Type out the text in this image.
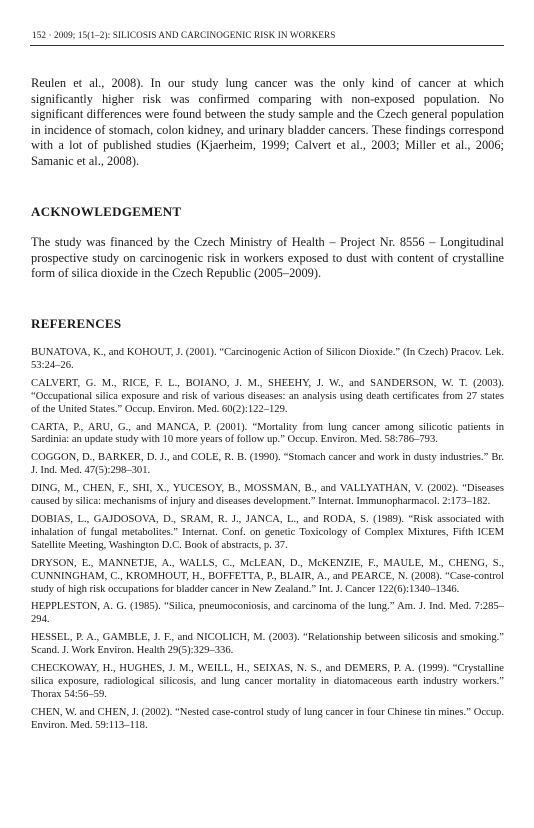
152 · 2009; 15(1–2): SILICOSIS AND CARCINOGENIC RISK IN WORKERS

Reulen et al., 2008). In our study lung cancer was the only kind of cancer at which significantly higher risk was confirmed comparing with non-exposed population. No significant differences were found between the study sample and the Czech general population in incidence of stomach, colon kidney, and urinary bladder cancers. These findings correspond with a lot of published studies (Kjaerheim, 1999; Calvert et al., 2003; Miller et al., 2006; Samanic et al., 2008).

ACKNOWLEDGEMENT

The study was financed by the Czech Ministry of Health – Project Nr. 8556 – Longitudinal prospective study on carcinogenic risk in workers exposed to dust with content of crystalline form of silica dioxide in the Czech Republic (2005–2009).

REFERENCES

BUNATOVA, K., and KOHOUT, J. (2001). “Carcinogenic Action of Silicon Dioxide.” (In Czech) Pracov. Lek. 53:24–26.

CALVERT, G. M., RICE, F. L., BOIANO, J. M., SHEEHY, J. W., and SANDERSON, W. T. (2003). “Occupational silica exposure and risk of various diseases: an analysis using death certificates from 27 states of the United States.” Occup. Environ. Med. 60(2):122–129.

CARTA, P., ARU, G., and MANCA, P. (2001). “Mortality from lung cancer among silicotic patients in Sardinia: an update study with 10 more years of follow up.” Occup. Environ. Med. 58:786–793.

COGGON, D., BARKER, D. J., and COLE, R. B. (1990). “Stomach cancer and work in dusty industries.” Br. J. Ind. Med. 47(5):298–301.

DING, M., CHEN, F., SHI, X., YUCESOY, B., MOSSMAN, B., and VALLYATHAN, V. (2002). “Diseases caused by silica: mechanisms of injury and diseases development.” Internat. Immunopharmacol. 2:173–182.

DOBIAS, L., GAJDOSOVA, D., SRAM, R. J., JANCA, L., and RODA, S. (1989). “Risk associated with inhalation of fungal metabolites.” Internat. Conf. on genetic Toxicology of Complex Mixtures, Fifth ICEM Satellite Meeting, Washington D.C. Book of abstracts, p. 37.

DRYSON, E., MANNETJE, A., WALLS, C., McLEAN, D., McKENZIE, F., MAULE, M., CHENG, S., CUNNINGHAM, C., KROMHOUT, H., BOFFETTA, P., BLAIR, A., and PEARCE, N. (2008). “Case-control study of high risk occupations for bladder cancer in New Zealand.” Int. J. Cancer 122(6):1340–1346.

HEPPLESTON, A. G. (1985). “Silica, pneumoconiosis, and carcinoma of the lung.” Am. J. Ind. Med. 7:285–294.

HESSEL, P. A., GAMBLE, J. F., and NICOLICH, M. (2003). “Relationship between silicosis and smoking.” Scand. J. Work Environ. Health 29(5):329–336.

CHECKOWAY, H., HUGHES, J. M., WEILL, H., SEIXAS, N. S., and DEMERS, P. A. (1999). “Crystalline silica exposure, radiological silicosis, and lung cancer mortality in diatomaceous earth industry workers.” Thorax 54:56–59.

CHEN, W. and CHEN, J. (2002). “Nested case-control study of lung cancer in four Chinese tin mines.” Occup. Environ. Med. 59:113–118.
